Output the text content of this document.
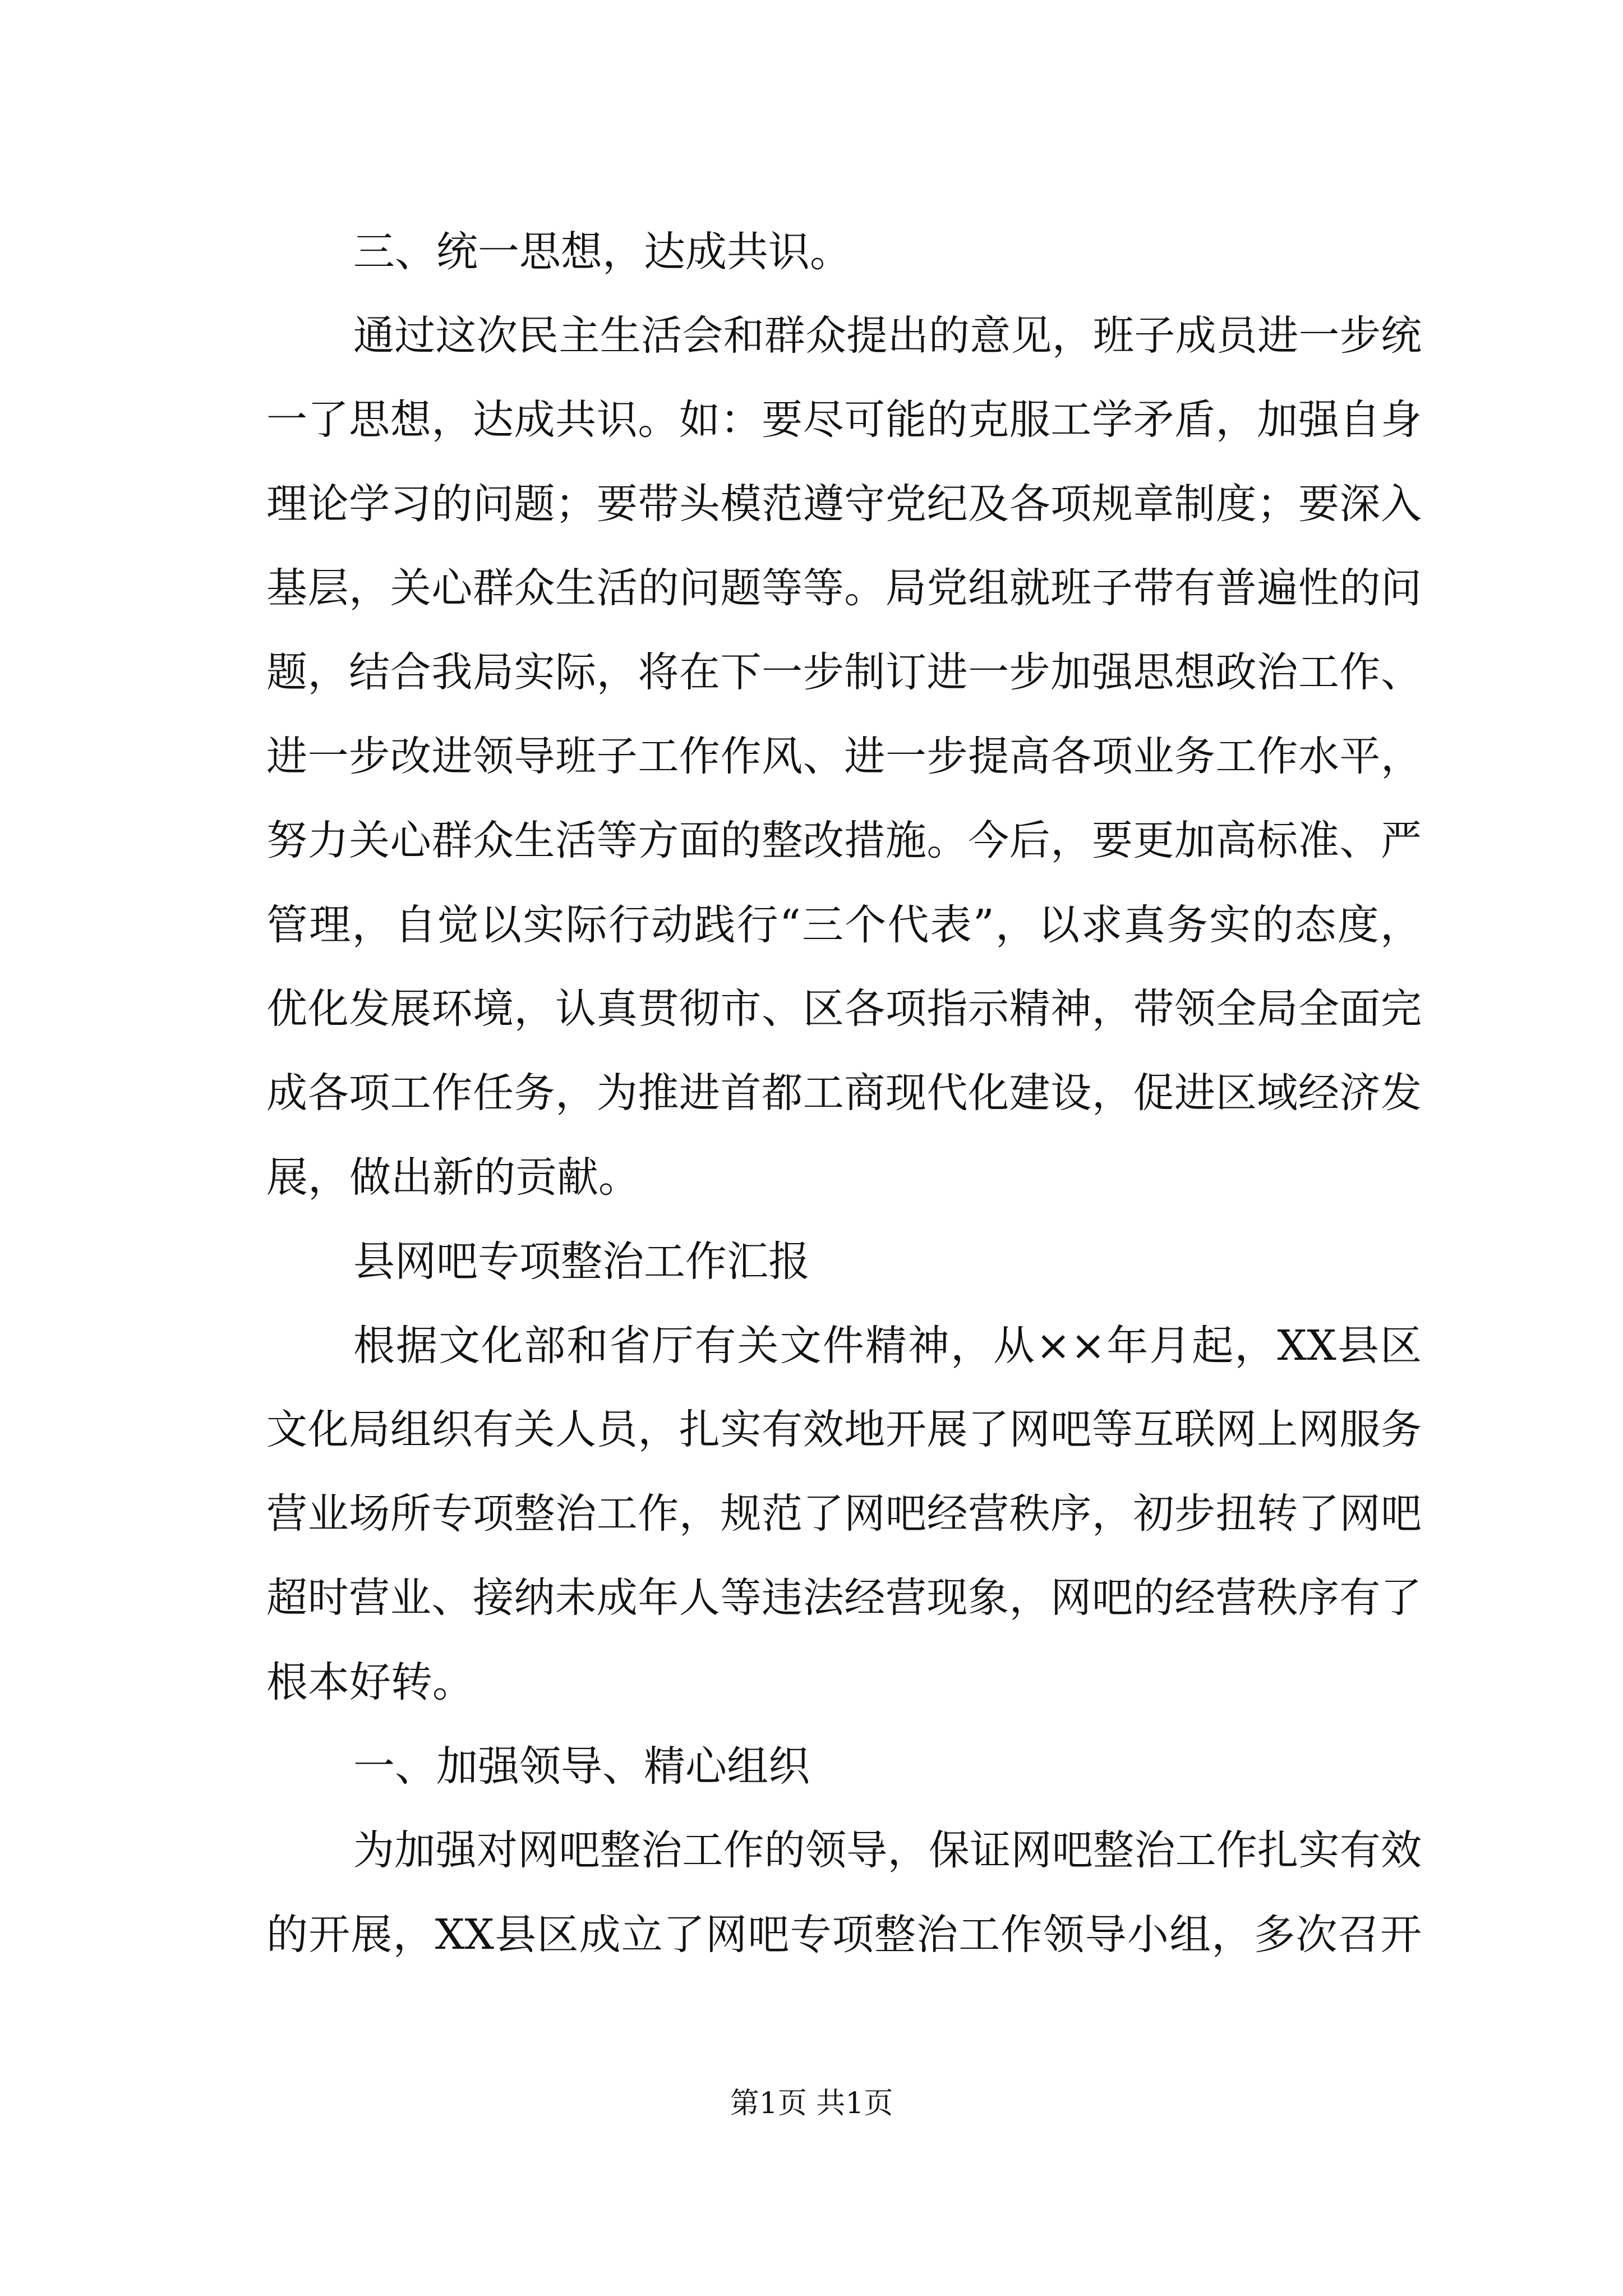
三、统一思想，达成共识。
通过这次民主生活会和群众提出的意见，班子成员进一步统
一了思想，达成共识。如：要尽可能的克服工学矛盾，加强自身
理论学习的问题；要带头模范遵守党纪及各项规章制度；要深入
基层，关心群众生活的问题等等。局党组就班子带有普遍性的问
题，结合我局实际，将在下一步制订进一步加强思想政治工作、
进一步改进领导班子工作作风、进一步提高各项业务工作水平，
努力关心群众生活等方面的整改措施。今后，要更加高标准、严
管理，自觉以实际行动践行“三个代表”，以求真务实的态度，
优化发展环境，认真贯彻市、区各项指示精神，带领全局全面完
成各项工作任务，为推进首都工商现代化建设，促进区域经济发
展，做出新的贡献。
县网吧专项整治工作汇报
根据文化部和省厅有关文件精神，从××年月起，XX县区
文化局组织有关人员，扎实有效地开展了网吧等互联网上网服务
营业场所专项整治工作，规范了网吧经营秩序，初步扭转了网吧
超时营业、接纳未成年人等违法经营现象，网吧的经营秩序有了
根本好转。
一、加强领导、精心组织
为加强对网吧整治工作的领导，保证网吧整治工作扎实有效
的开展，XX县区成立了网吧专项整治工作领导小组，多次召开
第1页 共1页
